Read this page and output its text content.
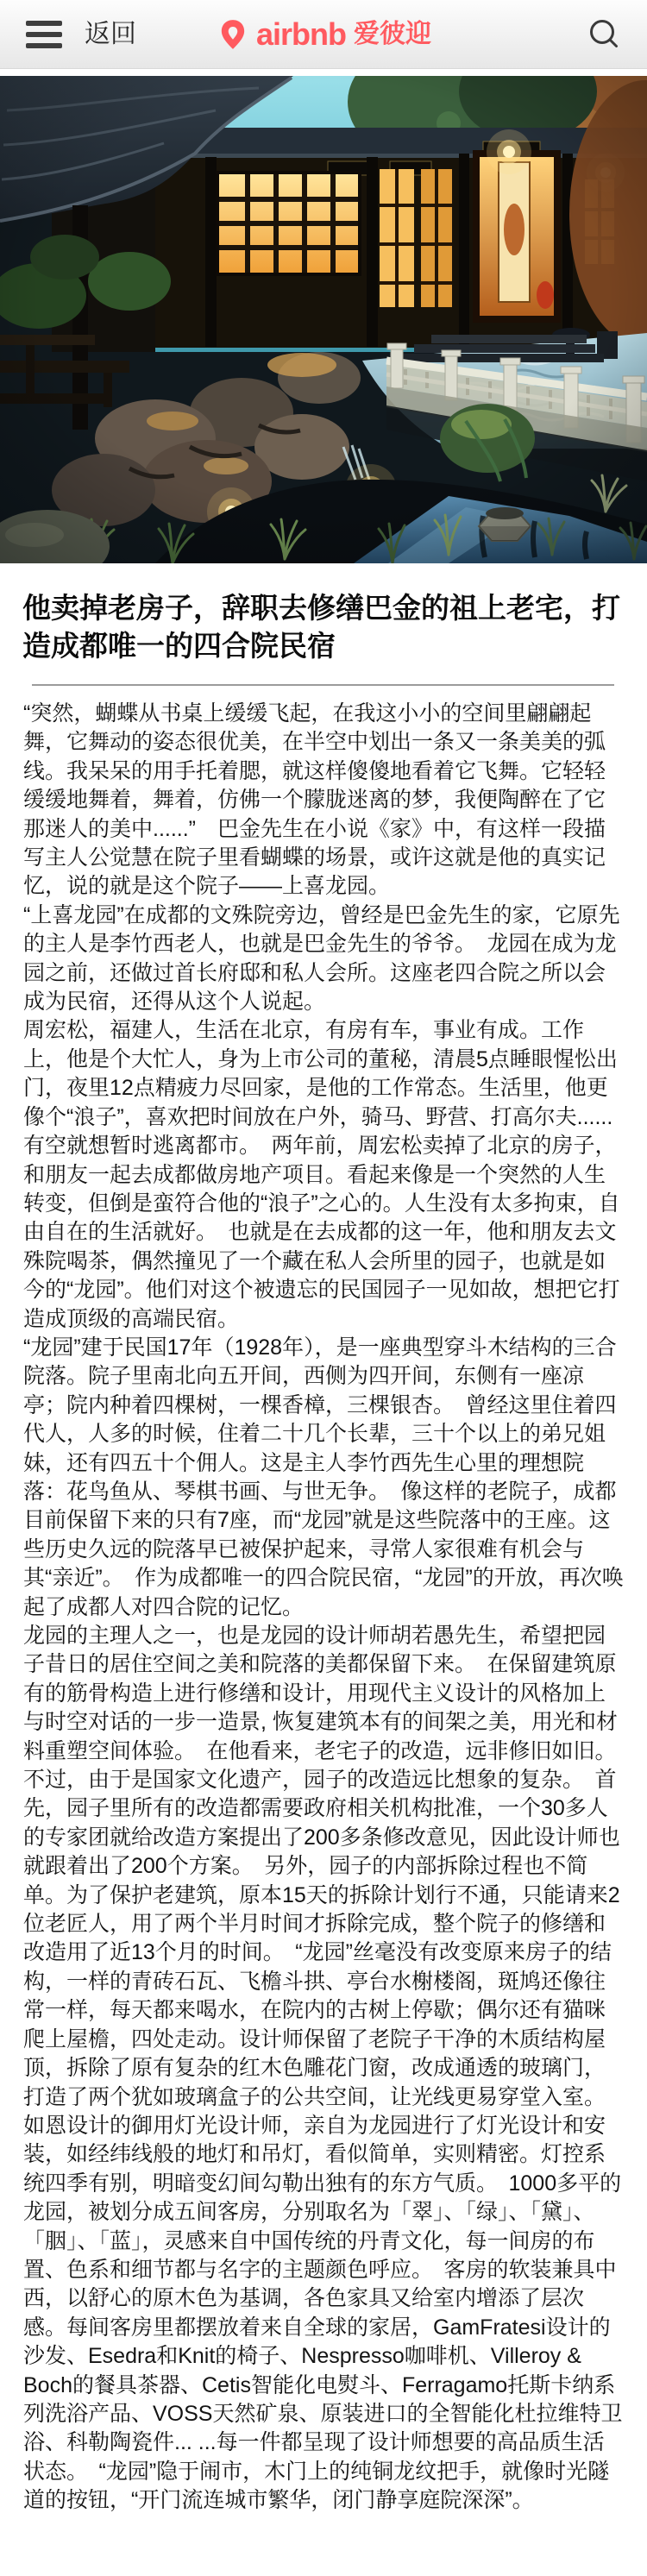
返回	airbnb 爱彼迎
他卖掉老房子，辞职去修缮巴金的祖上老宅，打造成都唯一的四合院民宿

“突然，蝴蝶从书桌上缓缓飞起，在我这小小的空间里翩翩起舞，它舞动的姿态很优美，在半空中划出一条又一条美美的弧线。我呆呆的用手托着腮，就这样傻傻地看着它飞舞。它轻轻缓缓地舞着，舞着，仿佛一个朦胧迷离的梦，我便陶醉在了它那迷人的美中......”　巴金先生在小说《家》中，有这样一段描写主人公觉慧在院子里看蝴蝶的场景，或许这就是他的真实记忆，说的就是这个院子——上喜龙园。

“上喜龙园”在成都的文殊院旁边，曾经是巴金先生的家，它原先的主人是李竹西老人，也就是巴金先生的爷爷。　龙园在成为龙园之前，还做过首长府邸和私人会所。这座老四合院之所以会成为民宿，还得从这个人说起。

周宏松，福建人，生活在北京，有房有车，事业有成。工作上，他是个大忙人，身为上市公司的董秘，清晨5点睡眼惺忪出门，夜里12点精疲力尽回家，是他的工作常态。生活里，他更像个“浪子”，喜欢把时间放在户外，骑马、野营、打高尔夫......有空就想暂时逃离都市。　两年前，周宏松卖掉了北京的房子，和朋友一起去成都做房地产项目。看起来像是一个突然的人生转变，但倒是蛮符合他的“浪子”之心的。人生没有太多拘束，自由自在的生活就好。　也就是在去成都的这一年，他和朋友去文殊院喝茶，偶然撞见了一个藏在私人会所里的园子，也就是如今的“龙园”。他们对这个被遗忘的民国园子一见如故，想把它打造成顶级的高端民宿。

“龙园”建于民国17年（1928年），是一座典型穿斗木结构的三合院落。院子里南北向五开间，西侧为四开间，东侧有一座凉亭；院内种着四棵树，一棵香樟，三棵银杏。　曾经这里住着四代人，人多的时候，住着二十几个长辈，三十个以上的弟兄姐妹，还有四五十个佣人。这是主人李竹西先生心里的理想院落：花鸟鱼从、琴棋书画、与世无争。　像这样的老院子，成都目前保留下来的只有7座，而“龙园”就是这些院落中的王座。这些历史久远的院落早已被保护起来，寻常人家很难有机会与其“亲近”。　作为成都唯一的四合院民宿，“龙园”的开放，再次唤起了成都人对四合院的记忆。

龙园的主理人之一，也是龙园的设计师胡若愚先生，希望把园子昔日的居住空间之美和院落的美都保留下来。　在保留建筑原有的筋骨构造上进行修缮和设计，用现代主义设计的风格加上与时空对话的一步一造景, 恢复建筑本有的间架之美，用光和材料重塑空间体验。　在他看来，老宅子的改造，远非修旧如旧。不过，由于是国家文化遗产，园子的改造远比想象的复杂。　首先，园子里所有的改造都需要政府相关机构批准，一个30多人的专家团就给改造方案提出了200多条修改意见，因此设计师也就跟着出了200个方案。　另外，园子的内部拆除过程也不简单。为了保护老建筑，原本15天的拆除计划行不通，只能请来2位老匠人，用了两个半月时间才拆除完成，整个院子的修缮和改造用了近13个月的时间。　“龙园”丝毫没有改变原来房子的结构，一样的青砖石瓦、飞檐斗拱、亭台水榭楼阁，斑鸠还像往常一样，每天都来喝水，在院内的古树上停歇；偶尔还有猫咪爬上屋檐，四处走动。设计师保留了老院子干净的木质结构屋顶，拆除了原有复杂的红木色雕花门窗，改成通透的玻璃门，打造了两个犹如玻璃盒子的公共空间，让光线更易穿堂入室。　如恩设计的御用灯光设计师，亲自为龙园进行了灯光设计和安装，如经纬线般的地灯和吊灯，看似简单，实则精密。灯控系统四季有别，明暗变幻间勾勒出独有的东方气质。　1000多平的龙园，被划分成五间客房，分别取名为「翠」、「绿」、「黛」、「胭」、「蓝」，灵感来自中国传统的丹青文化，每一间房的布置、色系和细节都与名字的主题颜色呼应。　客房的软装兼具中西，以舒心的原木色为基调，各色家具又给室内增添了层次感。每间客房里都摆放着来自全球的家居，GamFratesi设计的沙发、Esedra和Knit的椅子、Nespresso咖啡机、Villeroy & Boch的餐具茶器、Cetis智能化电熨斗、Ferragamo托斯卡纳系列洗浴产品、VOSS天然矿泉、原装进口的全智能化杜拉维特卫浴、科勒陶瓷件... ...每一件都呈现了设计师想要的高品质生活状态。　“龙园”隐于闹市，木门上的纯铜龙纹把手，就像时光隧道的按钮，“开门流连城市繁华，闭门静享庭院深深”。
